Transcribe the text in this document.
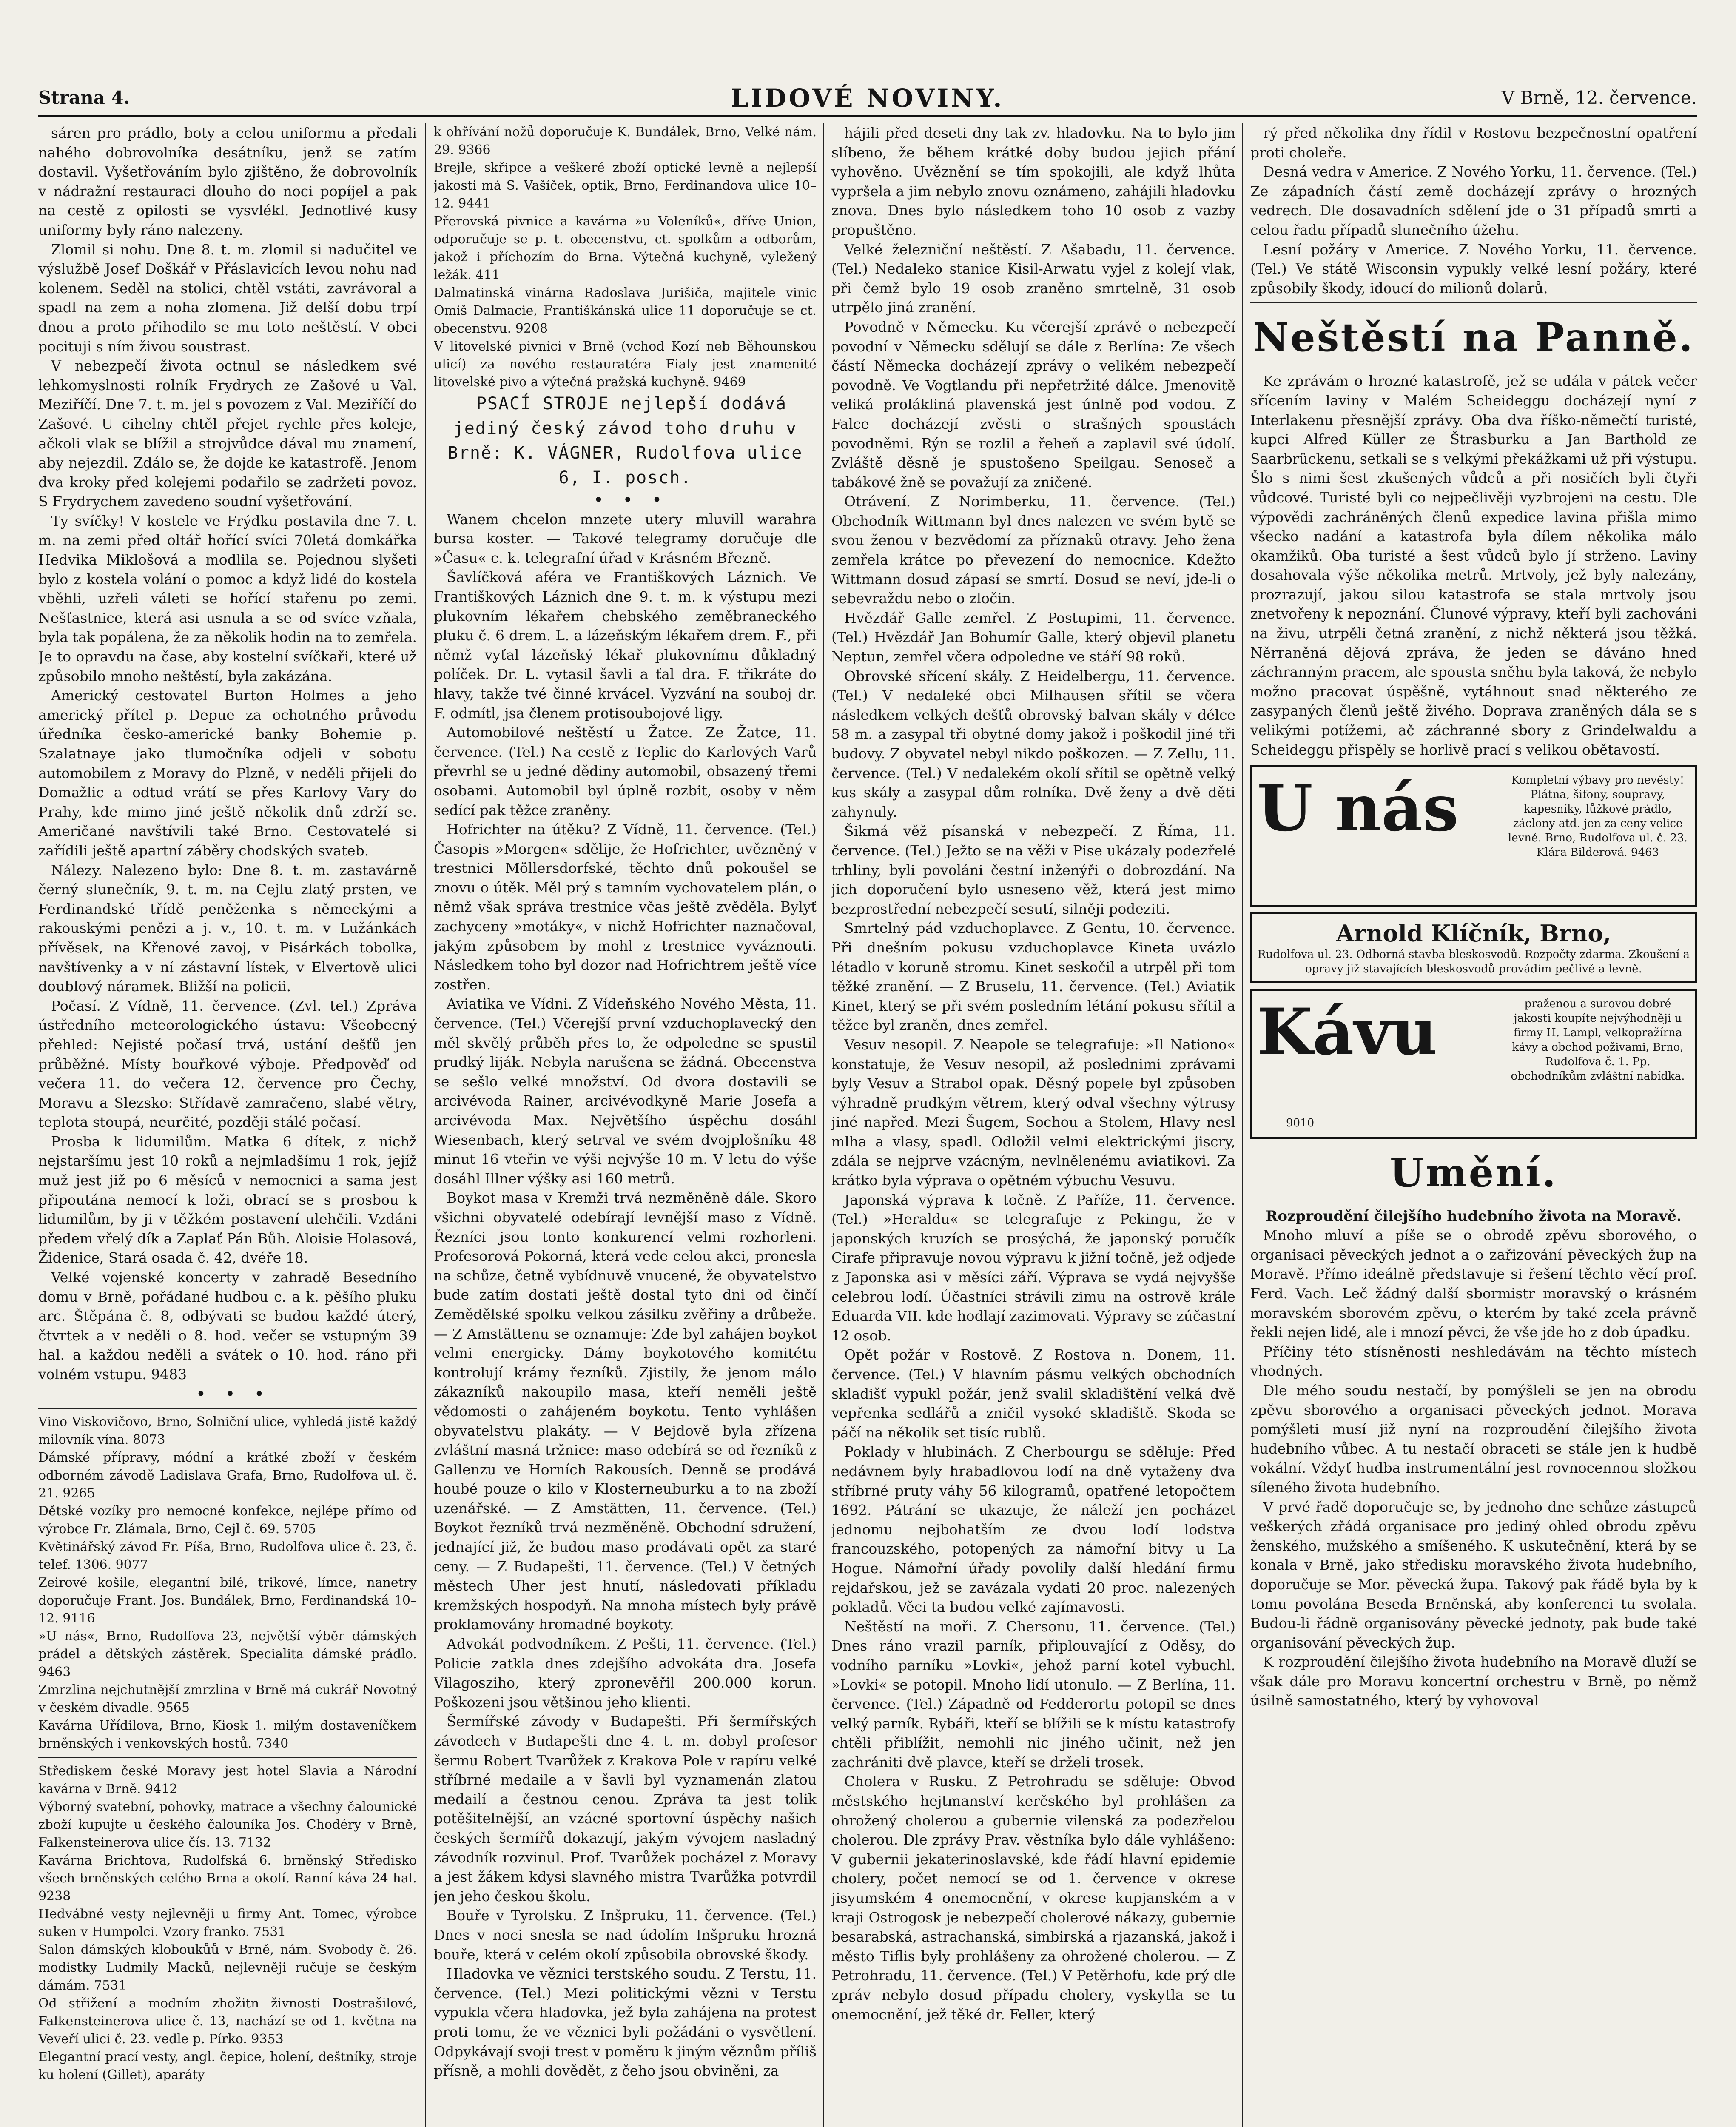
Strana 4.	LIDOVÉ NOVINY.	V Brně, 12. července.

sáren pro prádlo, boty a celou uniformu a předali nahého dobrovolníka desátníku, jenž se zatím dostavil. Vyšetřováním bylo zjištěno, že dobrovolník v nádražní restauraci dlouho do noci popíjel a pak na cestě z opilosti se vysvlékl. Jednotlivé kusy uniformy byly ráno nalezeny.

Zlomil si nohu. Dne 8. t. m. zlomil si nadučitel ve výslužbě Josef Doškář v Přáslavicích levou nohu nad kolenem. Seděl na stolici, chtěl vstáti, zavrávoral a spadl na zem a noha zlomena. Již delší dobu trpí dnou a proto přihodilo se mu toto neštěstí. V obci pocituji s ním živou soustrast.

V nebezpečí života octnul se následkem své lehkomyslnosti rolník Frydrych ze Zašové u Val. Meziříčí. Dne 7. t. m. jel s povozem z Val. Meziříčí do Zašové. U cihelny chtěl přejet rychle přes koleje, ačkoli vlak se blížil a strojvůdce dával mu znamení, aby nejezdil. Zdálo se, že dojde ke katastrofě. Jenom dva kroky před kolejemi podařilo se zadržeti povoz. S Frydrychem zavedeno soudní vyšetřování.

Ty svíčky! V kostele ve Frýdku postavila dne 7. t. m. na zemi před oltář hořící svíci 70letá domkářka Hedvika Miklošová a modlila se. Pojednou slyšeti bylo z kostela volání o pomoc a když lidé do kostela vběhli, uzřeli váleti se hořící stařenu po zemi. Nešťastnice, která asi usnula a se od svíce vzňala, byla tak popálena, že za několik hodin na to zemřela. Je to opravdu na čase, aby kostelní svíčkaři, které už způsobilo mnoho neštěstí, byla zakázána.

Americký cestovatel Burton Holmes a jeho americký přítel p. Depue za ochotného průvodu úředníka česko-americké banky Bohemie p. Szalatnaye jako tlumočníka odjeli v sobotu automobilem z Moravy do Plzně, v neděli přijeli do Domažlic a odtud vrátí se přes Karlovy Vary do Prahy, kde mimo jiné ještě několik dnů zdrží se. Američané navštívili také Brno. Cestovatelé si zařídili ještě apartní záběry chodských svateb.

Nálezy. Nalezeno bylo: Dne 8. t. m. zastavárně černý slunečník, 9. t. m. na Cejlu zlatý prsten, ve Ferdinandské třídě peněženka s německými a rakouskými penězi a j. v., 10. t. m. v Lužánkách přívěsek, na Křenové zavoj, v Pisárkách tobolka, navštívenky a v ní zástavní lístek, v Elvertově ulici doublový náramek. Bližší na policii.

Počasí. Z Vídně, 11. července. (Zvl. tel.) Zpráva ústředního meteorologického ústavu: Všeobecný přehled: Nejisté počasí trvá, ustání dešťů jen průběžné. Místy bouřkové výboje. Předpověď od večera 11. do večera 12. července pro Čechy, Moravu a Slezsko: Střídavě zamračeno, slabé větry, teplota stoupá, neurčité, později stálé počasí.

Prosba k lidumilům. Matka 6 dítek, z nichž nejstaršímu jest 10 roků a nejmladšímu 1 rok, jejíž muž jest již po 6 měsíců v nemocnici a sama jest připoutána nemocí k loži, obrací se s prosbou k lidumilům, by ji v těžkém postavení ulehčili. Vzdáni předem vřelý dík a Zaplať Pán Bůh. Aloisie Holasová, Židenice, Stará osada č. 42, dvéře 18.

Velké vojenské koncerty v zahradě Besedního domu v Brně, pořádané hudbou c. a k. pěšího pluku arc. Štěpána č. 8, odbývati se budou každé úterý, čtvrtek a v neděli o 8. hod. večer se vstupným 39 hal. a každou neděli a svátek o 10. hod. ráno při volném vstupu. 9483

• • •

Vino Viskovičovo, Brno, Solniční ulice, vyhledá jistě každý milovník vína. 8073

Dámské přípravy, módní a krátké zboží v českém odborném závodě Ladislava Grafa, Brno, Rudolfova ul. č. 21. 9265

Dětské vozíky pro nemocné konfekce, nejlépe přímo od výrobce Fr. Zlámala, Brno, Cejl č. 69. 5705

Květinářský závod Fr. Píša, Brno, Rudolfova ulice č. 23, č. telef. 1306. 9077

Zeirové košile, elegantní bílé, trikové, límce, nanetry doporučuje Frant. Jos. Bundálek, Brno, Ferdinandská 10–12. 9116

»U nás«, Brno, Rudolfova 23, největší výběr dámských prádel a dětských zástěrek. Specialita dámské prádlo. 9463

Zmrzlina nejchutnější zmrzlina v Brně má cukrář Novotný v českém divadle. 9565

Kavárna Uřídilova, Brno, Kiosk 1. milým dostaveníčkem brněnských i venkovských hostů. 7340

Střediskem české Moravy jest hotel Slavia a Národní kavárna v Brně. 9412

Výborný svatební, pohovky, matrace a všechny čalounické zboží kupujte u českého čalouníka Jos. Chodéry v Brně, Falkensteinerova ulice čís. 13. 7132

Kavárna Brichtova, Rudolfská 6. brněnský Středisko všech brněnských celého Brna a okolí. Ranní káva 24 hal. 9238

Hedvábné vesty nejlevněji u firmy Ant. Tomec, výrobce suken v Humpolci. Vzory franko. 7531

Salon dámských kloboukůů v Brně, nám. Svobody č. 26. modistky Ludmily Macků, nejlevněji ručuje se českým dámám. 7531

Od střižení a modním zhožitn živnosti Dostrašilové, Falkensteinerova ulice č. 13, nachází se od 1. května na Veveří ulici č. 23. vedle p. Pírko. 9353

Elegantní prací vesty, angl. čepice, holení, deštníky, stroje ku holení (Gillet), aparáty

k ohřívání nožů doporučuje K. Bundálek, Brno, Velké nám. 29. 9366

Brejle, skřipce a veškeré zboží optické levně a nejlepší jakosti má S. Vašíček, optik, Brno, Ferdinandova ulice 10–12. 9441

Přerovská pivnice a kavárna »u Voleníků«, dříve Union, odporučuje se p. t. obecenstvu, ct. spolkům a odborům, jakož i příchozím do Brna. Výtečná kuchyně, vyležený ležák. 411

Dalmatinská vinárna Radoslava Jurišiča, majitele vinic Omiš Dalmacie, Františkánská ulice 11 doporučuje se ct. obecenstvu. 9208

V litovelské pivnici v Brně (vchod Kozí neb Běhounskou ulicí) za nového restauratéra Fialy jest znamenité litovelské pivo a výtečná pražská kuchyně. 9469

PSACÍ STROJE nejlepší dodává jediný český závod toho druhu v Brně: K. VÁGNER, Rudolfova ulice 6, I. posch.

• • •

Wanem chcelon mnzete utery mluvill warahra bursa koster. — Takové telegramy doručuje dle »Času« c. k. telegrafní úřad v Krásném Březně.

Šavlíčková aféra ve Františkových Láznich. Ve Františkových Láznich dne 9. t. m. k výstupu mezi plukovním lékařem chebského zeměbraneckého pluku č. 6 drem. L. a lázeňským lékařem drem. F., při němž vyťal lázeňský lékař plukovnímu důkladný políček. Dr. L. vytasil šavli a ťal dra. F. třikráte do hlavy, takže tvé činné krvácel. Vyzvání na souboj dr. F. odmítl, jsa členem protisoubojové ligy.

Automobilové neštěstí u Žatce. Ze Žatce, 11. července. (Tel.) Na cestě z Teplic do Karlových Varů převrhl se u jedné dědiny automobil, obsazený třemi osobami. Automobil byl úplně rozbit, osoby v něm sedící pak těžce zraněny.

Hofrichter na útěku? Z Vídně, 11. července. (Tel.) Časopis »Morgen« sdělije, že Hofrichter, uvězněný v trestnici Möllersdorfské, těchto dnů pokoušel se znovu o útěk. Měl prý s tamním vychovatelem plán, o němž však správa trestnice včas ještě zvěděla. Bylyť zachyceny »motáky«, v nichž Hofrichter naznačoval, jakým způsobem by mohl z trestnice vyváznouti. Následkem toho byl dozor nad Hofrichtrem ještě více zostřen.

Aviatika ve Vídni. Z Vídeňského Nového Města, 11. července. (Tel.) Včerejší první vzduchoplavecký den měl skvělý průběh přes to, že odpoledne se spustil prudký liják. Nebyla narušena se žádná. Obecenstva se sešlo velké množství. Od dvora dostavili se arcivévoda Rainer, arcivévodkyně Marie Josefa a arcivévoda Max. Největšího úspěchu dosáhl Wiesenbach, který setrval ve svém dvojplošníku 48 minut 16 vteřin ve výši nejvýše 10 m. V letu do výše dosáhl Illner výšky asi 160 metrů.

Boykot masa v Kremži trvá nezměněně dále. Skoro všichni obyvatelé odebírají levnější maso z Vídně. Řezníci jsou tonto konkurencí velmi rozhorleni. Profesorová Pokorná, která vede celou akci, pronesla na schůze, četně vybídnuvě vnucené, že obyvatelstvo bude zatím dostati ještě dostal tyto dni od činčí Zemědělské spolku velkou zásilku zvěřiny a drůbeže. — Z Amstättenu se oznamuje: Zde byl zahájen boykot velmi energicky. Dámy boykotového komitétu kontrolují krámy řezníků. Zjistily, že jenom málo zákazníků nakoupilo masa, kteří neměli ještě vědomosti o zahájeném boykotu. Tento vyhlášen obyvatelstvu plakáty. — V Bejdově byla zřízena zvláštní masná tržnice: maso odebírá se od řezníků z Gallenzu ve Horních Rakousích. Denně se prodává houbé pouze o kilo v Klosterneuburku a to na zboží uzenářské. — Z Amstätten, 11. července. (Tel.) Boykot řezníků trvá nezměněně. Obchodní sdružení, jednající již, že budou maso prodávati opět za staré ceny. — Z Budapešti, 11. července. (Tel.) V četných městech Uher jest hnutí, následovati příkladu kremžských hospodyň. Na mnoha místech byly právě proklamovány hromadné boykoty.

Advokát podvodníkem. Z Pešti, 11. července. (Tel.) Policie zatkla dnes zdejšího advokáta dra. Josefa Vilagosziho, který zpronevěřil 200.000 korun. Poškozeni jsou většinou jeho klienti.

Šermířské závody v Budapešti. Při šermířských závodech v Budapešti dne 4. t. m. dobyl profesor šermu Robert Tvarůžek z Krakova Pole v rapíru velké stříbrné medaile a v šavli byl vyznamenán zlatou medailí a čestnou cenou. Zpráva ta jest tolik potěšitelnější, an vzácné sportovní úspěchy našich českých šermířů dokazují, jakým vývojem nasladný závodník rozvinul. Prof. Tvarůžek pocházel z Moravy a jest žákem kdysi slavného mistra Tvarůžka potvrdil jen jeho českou školu.

Bouře v Tyrolsku. Z Inšpruku, 11. července. (Tel.) Dnes v noci snesla se nad údolím Inšpruku hrozná bouře, která v celém okolí způsobila obrovské škody.

Hladovka ve věznici terstského soudu. Z Terstu, 11. července. (Tel.) Mezi politickými vězni v Terstu vypukla včera hladovka, jež byla zahájena na protest proti tomu, že ve věznici byli požádáni o vysvětlení. Odpykávají svoji trest v poměru k jiným věznům příliš přísně, a mohli dovědět, z čeho jsou obviněni, za

hájili před deseti dny tak zv. hladovku. Na to bylo jim slíbeno, že během krátké doby budou jejich přání vyhověno. Uvěznění se tím spokojili, ale když lhůta vypršela a jim nebylo znovu oznámeno, zahájili hladovku znova. Dnes bylo následkem toho 10 osob z vazby propuštěno.

Velké železniční neštěstí. Z Ašabadu, 11. července. (Tel.) Nedaleko stanice Kisil-Arwatu vyjel z kolejí vlak, při čemž bylo 19 osob zraněno smrtelně, 31 osob utrpělo jiná zranění.

Povodně v Německu. Ku včerejší zprávě o nebezpečí povodní v Německu sdělují se dále z Berlína: Ze všech částí Německa docházejí zprávy o velikém nebezpečí povodně. Ve Vogtlandu při nepřetržité dálce. Jmenovitě veliká prolákliná plavenská jest únlně pod vodou. Z Falce docházejí zvěsti o strašných spoustách povodněmi. Rýn se rozlil a řeheň a zaplavil své údolí. Zvláště děsně je spustošeno Speilgau. Senoseč a tabákové žně se považují za zničené.

Otrávení. Z Norimberku, 11. července. (Tel.) Obchodník Wittmann byl dnes nalezen ve svém bytě se svou ženou v bezvědomí za příznaků otravy. Jeho žena zemřela krátce po převezení do nemocnice. Kdežto Wittmann dosud zápasí se smrtí. Dosud se neví, jde-li o sebevraždu nebo o zločin.

Hvězdář Galle zemřel. Z Postupimi, 11. července. (Tel.) Hvězdář Jan Bohumír Galle, který objevil planetu Neptun, zemřel včera odpoledne ve stáří 98 roků.

Obrovské sřícení skály. Z Heidelbergu, 11. července. (Tel.) V nedaleké obci Milhausen sřítil se včera následkem velkých dešťů obrovský balvan skály v délce 58 m. a zasypal tři obytné domy jakož i poškodil jiné tři budovy. Z obyvatel nebyl nikdo poškozen. — Z Zellu, 11. července. (Tel.) V nedalekém okolí sřítil se opětně velký kus skály a zasypal dům rolníka. Dvě ženy a dvě děti zahynuly.

Šikmá věž písanská v nebezpečí. Z Říma, 11. července. (Tel.) Ježto se na věži v Pise ukázaly podezřelé trhliny, byli povoláni čestní inženýři o dobrozdání. Na jich doporučení bylo usneseno věž, která jest mimo bezprostřední nebezpečí sesutí, silněji podeziti.

Smrtelný pád vzduchoplavce. Z Gentu, 10. července. Při dnešním pokusu vzduchoplavce Kineta uvázlo létadlo v koruně stromu. Kinet seskočil a utrpěl při tom těžké zranění. — Z Bruselu, 11. července. (Tel.) Aviatik Kinet, který se při svém posledním létání pokusu sřítil a těžce byl zraněn, dnes zemřel.

Vesuv nesopil. Z Neapole se telegrafuje: »Il Nationo« konstatuje, že Vesuv nesopil, až poslednimi zprávami byly Vesuv a Strabol opak. Děsný popele byl způsoben výhradně prudkým větrem, který odval všechny výtrusy jiné napřed. Mezi Šugem, Sochou a Stolem, Hlavy nesl mlha a vlasy, spadl. Odložil velmi elektrickými jiscry, zdála se nejprve vzácným, nevlnělenému aviatikovi. Za krátko byla výprava o opětném výbuchu Vesuvu.

Japonská výprava k točně. Z Paříže, 11. července. (Tel.) »Heraldu« se telegrafuje z Pekingu, že v japonských kruzích se prosýchá, že japonský poručík Cirafe připravuje novou výpravu k jižní točně, jež odjede z Japonska asi v měsíci září. Výprava se vydá nejvyšše celebrou lodí. Účastníci strávili zimu na ostrově krále Eduarda VII. kde hodlají zazimovati. Výpravy se zúčastní 12 osob.

Opět požár v Rostově. Z Rostova n. Donem, 11. července. (Tel.) V hlavním pásmu velkých obchodních skladišť vypukl požár, jenž svalil skladištění velká dvě vepřenka sedlářů a zničil vysoké skladiště. Skoda se páčí na několik set tisíc rublů.

Poklady v hlubinách. Z Cherbourgu se sděluje: Před nedávnem byly hrabadlovou lodí na dně vytaženy dva stříbrné pruty váhy 56 kilogramů, opatřené letopočtem 1692. Pátrání se ukazuje, že náleží jen pocházet jednomu nejbohatším ze dvou lodí lodstva francouzského, potopených za námořní bitvy u La Hogue. Námořní úřady povolily další hledání firmu rejdařskou, jež se zavázala vydati 20 proc. nalezených pokladů. Věci ta budou velké zajímavosti.

Neštěstí na moři. Z Chersonu, 11. července. (Tel.) Dnes ráno vrazil parník, připlouvající z Oděsy, do vodního parníku »Lovki«, jehož parní kotel vybuchl. »Lovki« se potopil. Mnoho lidí utonulo. — Z Berlína, 11. července. (Tel.) Západně od Fedderortu potopil se dnes velký parník. Rybáři, kteří se blížili se k místu katastrofy chtěli přiblížit, nemohli nic jiného učinit, než jen zachrániti dvě plavce, kteří se drželi trosek.

Cholera v Rusku. Z Petrohradu se sděluje: Obvod městského hejtmanství kerčského byl prohlášen za ohrožený cholerou a gubernie vilenská za podezřelou cholerou. Dle zprávy Prav. věstníka bylo dále vyhlášeno: V gubernii jekaterinoslavské, kde řádí hlavní epidemie cholery, počet nemocí se od 1. července v okrese jisyumském 4 onemocnění, v okrese kupjanském a v kraji Ostrogosk je nebezpečí cholerové nákazy, gubernie besarabská, astrachanská, simbirská a rjazanská, jakož i město Tiflis byly prohlášeny za ohrožené cholerou. — Z Petrohradu, 11. července. (Tel.) V Petěrhofu, kde prý dle zpráv nebylo dosud případu cholery, vyskytla se tu onemocnění, jež těké dr. Feller, který

rý před několika dny řídil v Rostovu bezpečnostní opatření proti choleře.

Desná vedra v Americe. Z Nového Yorku, 11. července. (Tel.) Ze západních částí země docházejí zprávy o hrozných vedrech. Dle dosavadních sdělení jde o 31 případů smrti a celou řadu případů slunečního úžehu.

Lesní požáry v Americe. Z Nového Yorku, 11. července. (Tel.) Ve státě Wisconsin vypukly velké lesní požáry, které způsobily škody, idoucí do milionů dolarů.

Neštěstí na Panně.

Ke zprávám o hrozné katastrofě, jež se udála v pátek večer sřícením laviny v Malém Scheideggu docházejí nyní z Interlakenu přesnější zprávy. Oba dva říško-němečtí turisté, kupci Alfred Küller ze Štrasburku a Jan Barthold ze Saarbrückenu, setkali se s velkými překážkami už při výstupu. Šlo s nimi šest zkušených vůdců a při nosičích byli čtyři vůdcové. Turisté byli co nejpečlivěji vyzbrojeni na cestu. Dle výpovědi zachráněných členů expedice lavina přišla mimo všecko nadání a katastrofa byla dílem několika málo okamžiků. Oba turisté a šest vůdců bylo jí strženo. Laviny dosahovala výše několika metrů. Mrtvoly, jež byly nalezány, prozrazují, jakou silou katastrofa se stala mrtvoly jsou znetvořeny k nepoznání. Člunové výpravy, kteří byli zachováni na živu, utrpěli četná zranění, z nichž některá jsou těžká. Něrraněná dějová zpráva, že jeden se dáváno hned záchranným pracem, ale spousta sněhu byla taková, že nebylo možno pracovat úspěšně, vytáhnout snad některého ze zasypaných členů ještě živého. Doprava zraněných dála se s velikými potížemi, ač záchranné sbory z Grindelwaldu a Scheideggu přispěly se horlivě prací s velikou obětavostí.

U nás	Kompletní výbavy pro nevěsty! Plátna, šifony, soupravy, kapesníky, lůžkové prádlo, záclony atd. jen za ceny velice levné. Brno, Rudolfova ul. č. 23. Klára Bilderová. 9463
Arnold Klíčník, Brno,
Rudolfova ul. 23. Odborná stavba bleskosvodů. Rozpočty zdarma. Zkoušení a opravy již stavajících bleskosvodů provádím pečlivě a levně.
Kávu	praženou a surovou dobré jakosti koupíte nejvýhodněji u firmy H. Lampl, velkopražírna kávy a obchod poživami, Brno, Rudolfova č. 1. Pp. obchodníkům zvláštní nabídka.
9010
Umění.
Rozproudění čilejšího hudebního života na Moravě.

Mnoho mluví a píše se o obrodě zpěvu sborového, o organisaci pěveckých jednot a o zařizování pěveckých žup na Moravě. Přímo ideálně představuje si řešení těchto věcí prof. Ferd. Vach. Leč žádný další sbormistr moravský o krásném moravském sborovém zpěvu, o kterém by také zcela právně řekli nejen lidé, ale i mnozí pěvci, že vše jde ho z dob úpadku.

Příčiny této stísněnosti neshledávám na těchto místech vhodných.

Dle mého soudu nestačí, by pomýšleli se jen na obrodu zpěvu sborového a organisaci pěveckých jednot. Morava pomýšleti musí již nyní na rozproudění čilejšího života hudebního vůbec. A tu nestačí obraceti se stále jen k hudbě vokální. Vždyť hudba instrumentální jest rovnocennou složkou síleného života hudebního.

V prvé řadě doporučuje se, by jednoho dne schůze zástupců veškerých zřádá organisace pro jediný ohled obrodu zpěvu ženského, mužského a smíšeného. K uskutečnění, která by se konala v Brně, jako středisku moravského života hudebního, doporučuje se Mor. pěvecká župa. Takový pak řádě byla by k tomu povolána Beseda Brněnská, aby konferenci tu svolala. Budou-li řádně organisovány pěvecké jednoty, pak bude také organisování pěveckých žup.

K rozproudění čilejšího života hudebního na Moravě dluží se však dále pro Moravu koncertní orchestru v Brně, po němž úsilně samostatného, který by vyhovoval
